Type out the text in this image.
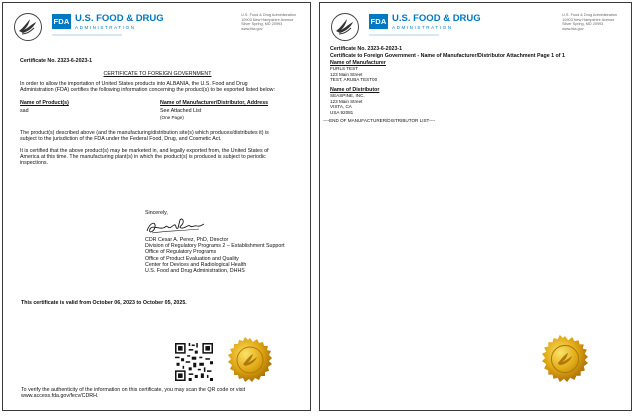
FDA U.S. FOOD & DRUG
ADMINISTRATION
U.S. Food & Drug Administration
10903 New Hampshire Avenue
Silver Spring, MD 20993
www.fda.gov
Certificate No. 2323-6-2023-1
CERTIFICATE TO FOREIGN GOVERNMENT
In order to allow the importation of United States products into ALBANIA, the U.S. Food and Drug
Administration (FDA) certifies the following information concerning the product(s) to be exported listed below:
Name of Product(s)	Name of Manufacturer/Distributor, Address
sad	See Attached List
(One Page)
The product(s) described above (and the manufacturing/distribution site(s) which produces/distributes it) is
subject to the jurisdiction of the FDA under the Federal Food, Drug, and Cosmetic Act.
It is certified that the above product(s) may be marketed in, and legally exported from, the United States of
America at this time. The manufacturing plant(s) in which the product(s) is produced is subject to periodic
inspections.
Sincerely,
CDR Cesar A. Perez, PhD, Director
Division of Regulatory Programs 2 – Establishment Support
Office of Regulatory Programs
Office of Product Evaluation and Quality
Center for Devices and Radiological Health
U.S. Food and Drug Administration, DHHS
This certificate is valid from October 06, 2023 to October 05, 2025.
To verify the authenticity of the information on this certificate, you may scan the QR code or visit
www.access.fda.gov/fecv/CDRH.
FDA U.S. FOOD & DRUG
ADMINISTRATION
U.S. Food & Drug Administration
10903 New Hampshire Avenue
Silver Spring, MD 20993
www.fda.gov
Certificate No. 2323-6-2023-1
Certificate to Foreign Government - Name of Manufacturer/Distributor Attachment Page 1 of 1
Name of Manufacturer
FURLS TEST
123 Main Street
TEST, ARUBA TEST00
Name of Distributor
SEASPINE, INC.
123 Main Street
VISTA, CA
USA 92081
----END OF MANUFACTURER/DISTRIBUTOR LIST----
